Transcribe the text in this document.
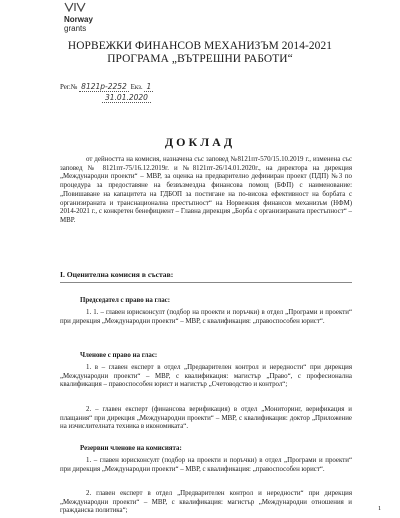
Norway
grants
НОРВЕЖКИ ФИНАНСОВ МЕХАНИЗЪМ 2014-2021
ПРОГРАМА „ВЪТРЕШНИ РАБОТИ“
Рег.№ 8121р-2252 Екз. 1
31.01.2020
ДОКЛАД
от дейността на комисия, назначена със заповед №8121пт-570/15.10.2019 г., изменена със заповед № 8121пт-75/16.12.2019г. и №8121пт-26/14.01.2020г., на директора на дирекция „Международни проекти“ – МВР, за оценка на предварително дефиниран проект (ПДП) №3 по процедура за предоставяне на безвъзмездна финансова помощ (БФП) с наименование: „Повишаване на капацитета на ГДБОП за постигане на по-висока ефективност на борбата с организираната и транснационална престъпност“ на Норвежкия финансов механизъм (НФМ) 2014-2021 г., с конкретен бенефициент – Главна дирекция „Борба с организираната престъпност“ – МВР.
I. Оценителна комисия в състав:
Председател с право на глас:
1. 1. – главен юрисконсулт (подбор на проекти и поръчки) в отдел „Програми и проекти“ при дирекция „Международни проекти“ – МВР, с квалификация: „правоспособен юрист“.
Членове с право на глас:
1. в – главен експерт в отдел „Предварителен контрол и нередности“ при дирекция „Международни проекти“ – МВР, с квалификация: магистър „Право“, с професионална квалификация – правоспособен юрист и магистър „Счетоводство и контрол“;
2. – главен експерт (финансова верификация) в отдел „Мониторинг, верификация и плащания“ при дирекция „Международни проекти“ – МВР, с квалификация: доктор „Приложение на изчислителната техника в икономиката“.
Резервни членове на комисията:
1. – главен юрисконсулт (подбор на проекти и поръчки) в отдел „Програми и проекти“ при дирекция „Международни проекти“ – МВР, с квалификация: „правоспособен юрист“.
2. главен експерт в отдел „Предварителен контрол и нередности“ при дирекция „Международни проекти“ – МВР, с квалификация: магистър „Международни отношения и гражданска политика“;	1
